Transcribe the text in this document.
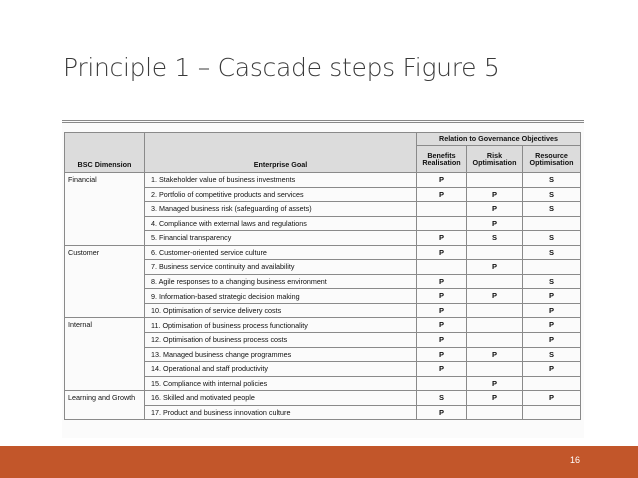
Principle 1 – Cascade steps Figure 5
BSC Dimension	Enterprise Goal	Relation to Governance Objectives		

		Benefits Realisation	Risk Optimisation	Resource Optimisation

Financial	1. Stakeholder value of business investments	P		S
	2. Portfolio of competitive products and services	P	P	S
	3. Managed business risk (safeguarding of assets)		P	S
	4. Compliance with external laws and regulations		P	
	5. Financial transparency	P	S	S
Customer	6. Customer-oriented service culture	P		S
	7. Business service continuity and availability		P	
	8. Agile responses to a changing business environment	P		S
	9. Information-based strategic decision making	P	P	P
	10. Optimisation of service delivery costs	P		P
Internal	11. Optimisation of business process functionality	P		P
	12. Optimisation of business process costs	P		P
	13. Managed business change programmes	P	P	S
	14. Operational and staff productivity	P		P
	15. Compliance with internal policies		P	
Learning and Growth	16. Skilled and motivated people	S	P	P
	17. Product and business innovation culture	P		
16
